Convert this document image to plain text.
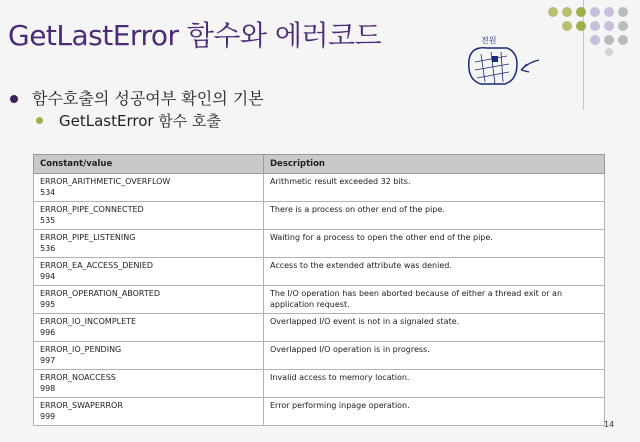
GetLastError 함수와 에러코드	전원
함수호출의 성공여부 확인의 기본
GetLastError 함수 호출
Constant/value	Description

ERROR_ARITHMETIC_OVERFLOW
534	Arithmetic result exceeded 32 bits.

ERROR_PIPE_CONNECTED
535	There is a process on other end of the pipe.

ERROR_PIPE_LISTENING
536	Waiting for a process to open the other end of the pipe.

ERROR_EA_ACCESS_DENIED
994	Access to the extended attribute was denied.

ERROR_OPERATION_ABORTED
995	The I/O operation has been aborted because of either a thread exit or an application request.

ERROR_IO_INCOMPLETE
996	Overlapped I/O event is not in a signaled state.

ERROR_IO_PENDING
997	Overlapped I/O operation is in progress.

ERROR_NOACCESS
998	Invalid access to memory location.

ERROR_SWAPERROR
999	Error performing inpage operation.
14
